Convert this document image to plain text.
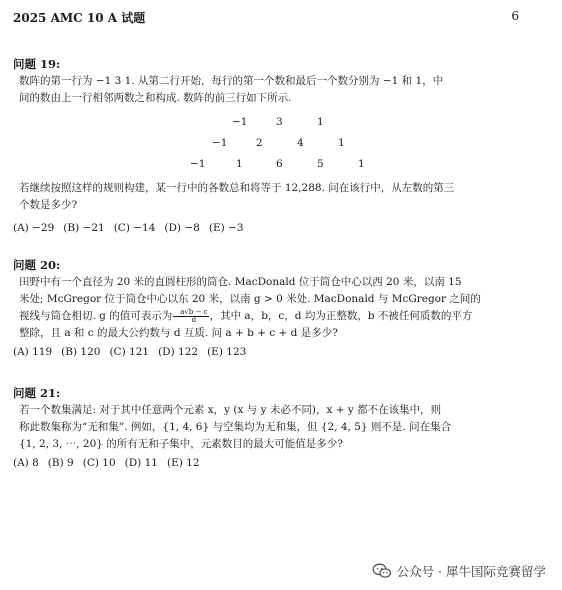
2025 AMC 10 A 试题	6
问题 19:
数阵的第一行为 −1 3 1. 从第二行开始，每行的第一个数和最后一个数分别为 −1 和 1，中
间的数由上一行相邻两数之和构成. 数阵的前三行如下所示.
−1	3	1
−1	2	4	1
−1	1	6	5	1
若继续按照这样的规则构建，某一行中的各数总和将等于 12,288. 问在该行中，从左数的第三
个数是多少?
(A) −29 (B) −21 (C) −14 (D) −8 (E) −3
问题 20:
田野中有一个直径为 20 米的直圆柱形的筒仓. MacDonald 位于筒仓中心以西 20 米，以南 15
米处; McGregor 位于筒仓中心以东 20 米，以南 g > 0 米处. MacDonald 与 McGregor 之间的
视线与筒仓相切. g 的值可表示为 $\frac{a√b - c}{d}$ ，其中 a，b，c，d 均为正整数，b 不被任何质数的平方
整除，且 a 和 c 的最大公约数与 d 互质. 问 a + b + c + d 是多少?
(A) 119 (B) 120 (C) 121 (D) 122 (E) 123
问题 21:
若一个数集满足: 对于其中任意两个元素 x，y (x 与 y 未必不同)，x + y 都不在该集中，则
称此数集称为“无和集”. 例如，{1, 4, 6} 与空集均为无和集，但 {2, 4, 5} 则不是. 问在集合
{1, 2, 3, ⋯, 20} 的所有无和子集中，元素数目的最大可能值是多少?
(A) 8 (B) 9 (C) 10 (D) 11 (E) 12
公众号 · 犀牛国际竞赛留学
